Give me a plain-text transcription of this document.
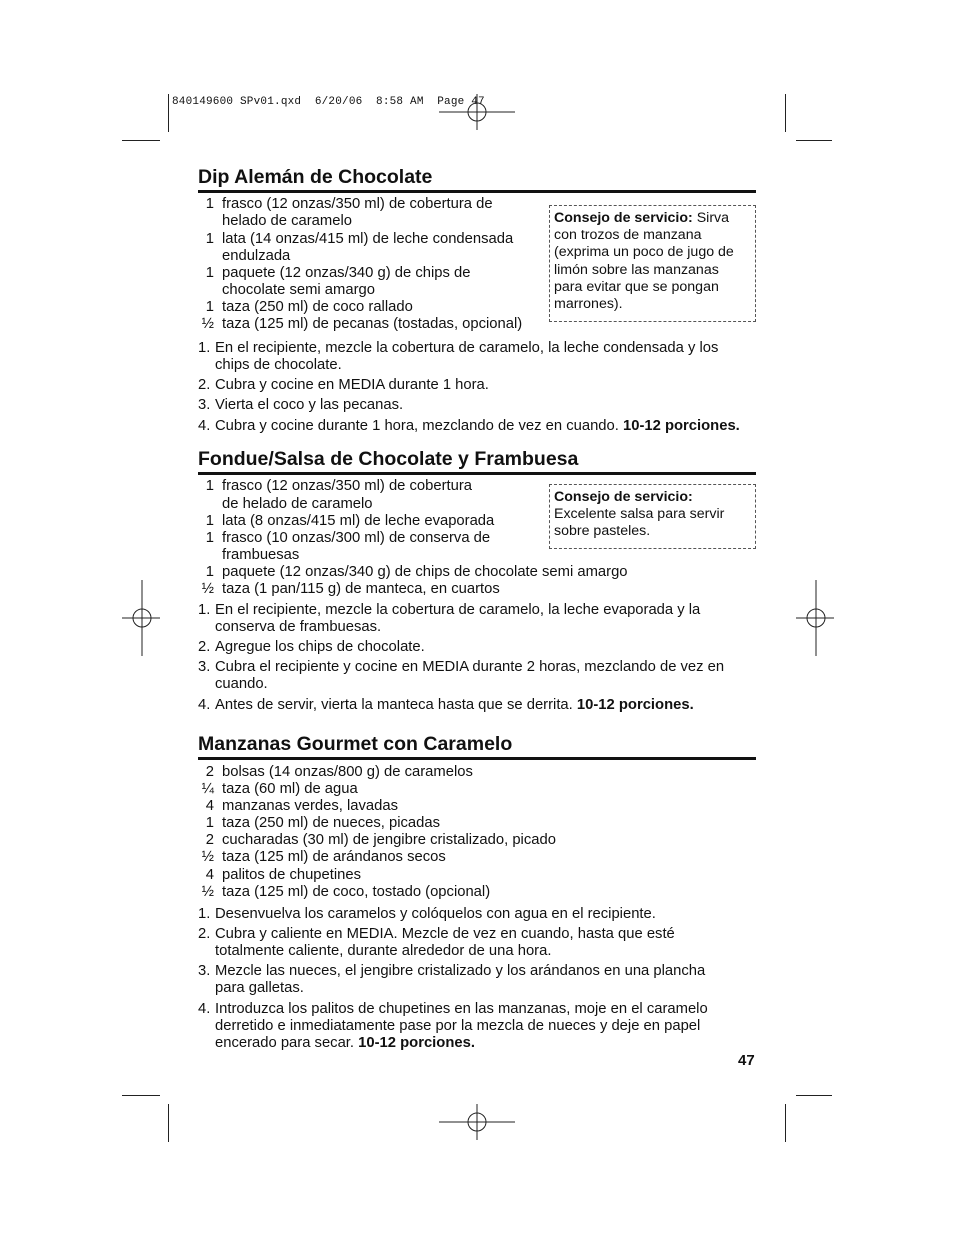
840149600 SPv01.qxd  6/20/06  8:58 AM  Page 47
Dip Alemán de Chocolate
1 frasco (12 onzas/350 ml) de cobertura de
helado de caramelo
1 lata (14 onzas/415 ml) de leche condensada
endulzada
1 paquete (12 onzas/340 g) de chips de
chocolate semi amargo
1 taza (250 ml) de coco rallado
½ taza (125 ml) de pecanas (tostadas, opcional)
Consejo de servicio: Sirva
con trozos de manzana
(exprima un poco de jugo de
limón sobre las manzanas
para evitar que se pongan
marrones).
1. En el recipiente, mezcle la cobertura de caramelo, la leche condensada y los
chips de chocolate.
2. Cubra y cocine en MEDIA durante 1 hora.
3. Vierta el coco y las pecanas.
4. Cubra y cocine durante 1 hora, mezclando de vez en cuando. 10-12 porciones.
Fondue/Salsa de Chocolate y Frambuesa
1 frasco (12 onzas/350 ml) de cobertura
de helado de caramelo
1 lata (8 onzas/415 ml) de leche evaporada
1 frasco (10 onzas/300 ml) de conserva de
frambuesas
1 paquete (12 onzas/340 g) de chips de chocolate semi amargo
½ taza (1 pan/115 g) de manteca, en cuartos
Consejo de servicio:
Excelente salsa para servir
sobre pasteles.
1. En el recipiente, mezcle la cobertura de caramelo, la leche evaporada y la
conserva de frambuesas.
2. Agregue los chips de chocolate.
3. Cubra el recipiente y cocine en MEDIA durante 2 horas, mezclando de vez en
cuando.
4. Antes de servir, vierta la manteca hasta que se derrita. 10-12 porciones.
Manzanas Gourmet con Caramelo
2 bolsas (14 onzas/800 g) de caramelos
¼ taza (60 ml) de agua
4 manzanas verdes, lavadas
1 taza (250 ml) de nueces, picadas
2 cucharadas (30 ml) de jengibre cristalizado, picado
½ taza (125 ml) de arándanos secos
4 palitos de chupetines
½ taza (125 ml) de coco, tostado (opcional)
1. Desenvuelva los caramelos y colóquelos con agua en el recipiente.
2. Cubra y caliente en MEDIA. Mezcle de vez en cuando, hasta que esté
totalmente caliente, durante alrededor de una hora.
3. Mezcle las nueces, el jengibre cristalizado y los arándanos en una plancha
para galletas.
4. Introduzca los palitos de chupetines en las manzanas, moje en el caramelo
derretido e inmediatamente pase por la mezcla de nueces y deje en papel
encerado para secar. 10-12 porciones.
47
